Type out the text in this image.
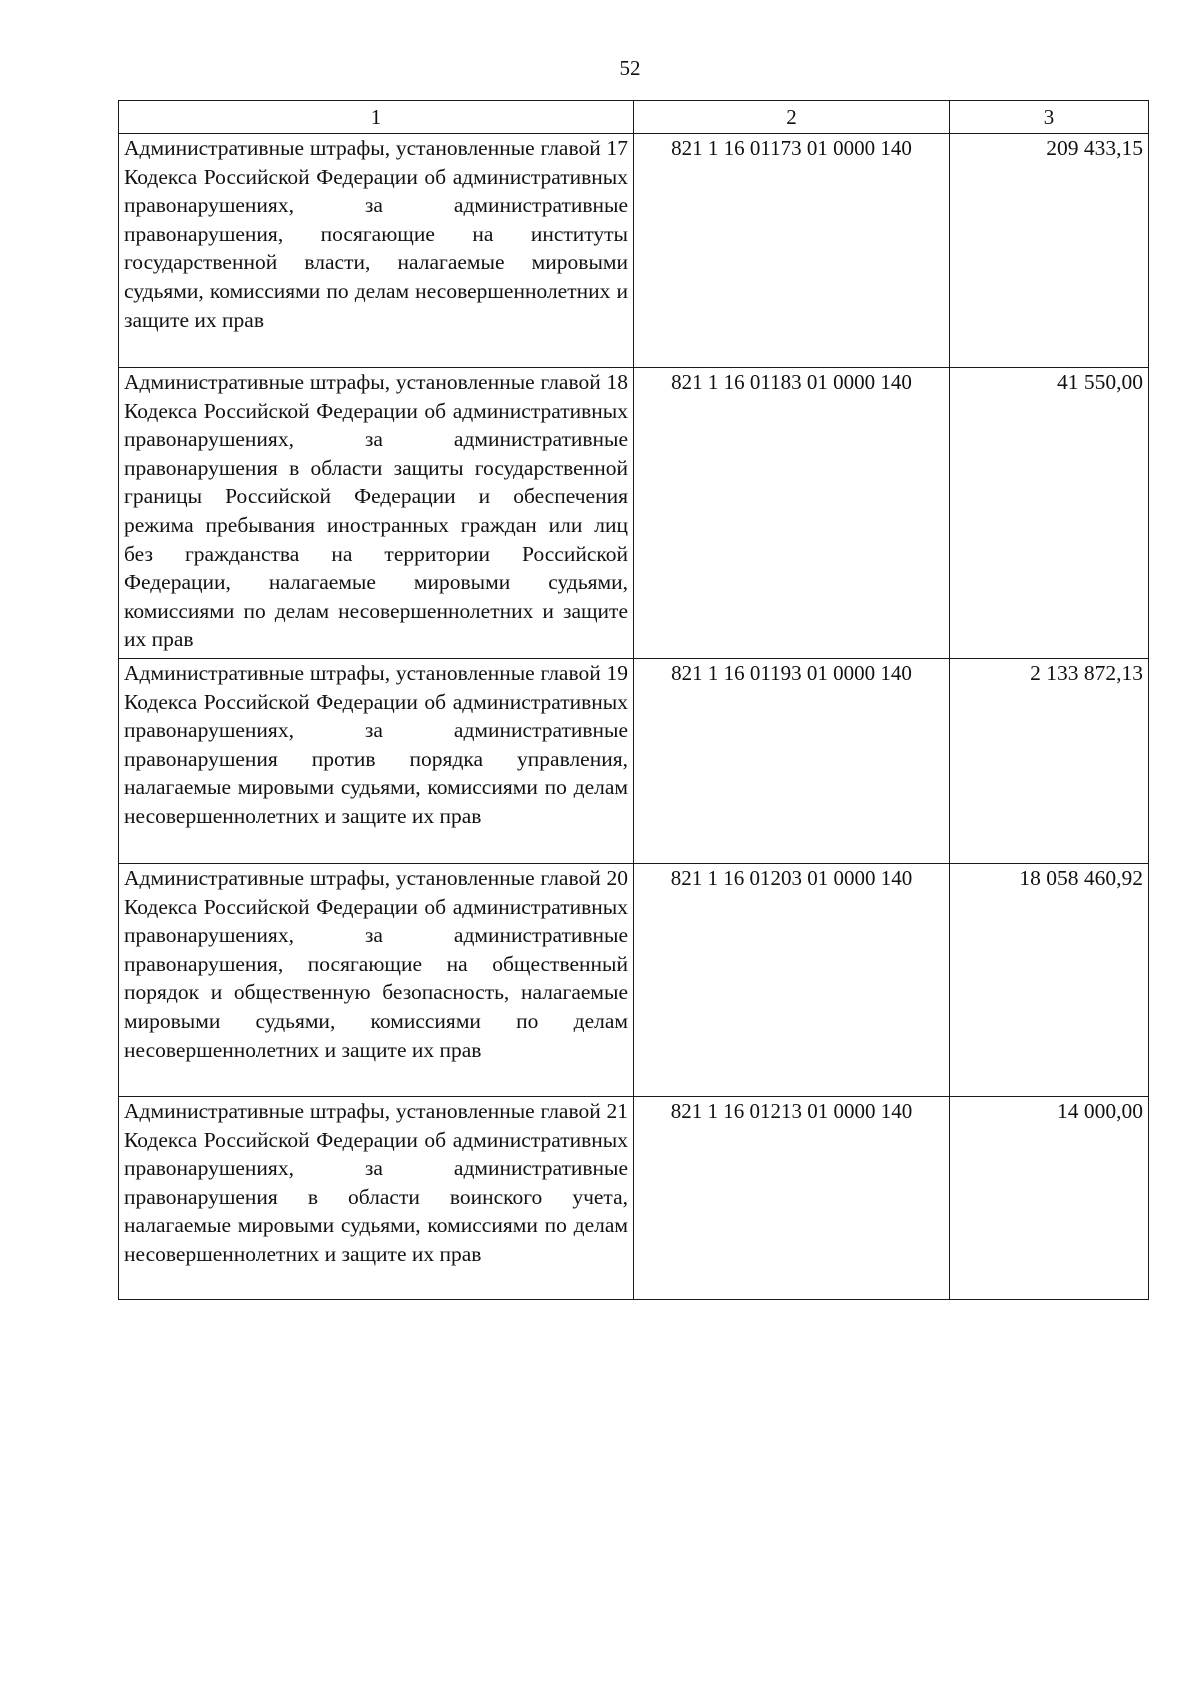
52
1	2	3
Административные штрафы, установленные главой 17 Кодекса Российской Федерации об административных правонарушениях, за административные правонарушения, посягающие на институты государственной власти, налагаемые мировыми судьями, комиссиями по делам несовершеннолетних и защите их прав	821 1 16 01173 01 0000 140	209 433,15
Административные штрафы, установленные главой 18 Кодекса Российской Федерации об административных правонарушениях, за административные правонарушения в области защиты государственной границы Российской Федерации и обеспечения режима пребывания иностранных граждан или лиц без гражданства на территории Российской Федерации, налагаемые мировыми судьями, комиссиями по делам несовершеннолетних и защите их прав	821 1 16 01183 01 0000 140	41 550,00
Административные штрафы, установленные главой 19 Кодекса Российской Федерации об административных правонарушениях, за административные правонарушения против порядка управления, налагаемые мировыми судьями, комиссиями по делам несовершеннолетних и защите их прав	821 1 16 01193 01 0000 140	2 133 872,13
Административные штрафы, установленные главой 20 Кодекса Российской Федерации об административных правонарушениях, за административные правонарушения, посягающие на общественный порядок и общественную безопасность, налагаемые мировыми судьями, комиссиями по делам несовершеннолетних и защите их прав	821 1 16 01203 01 0000 140	18 058 460,92
Административные штрафы, установленные главой 21 Кодекса Российской Федерации об административных правонарушениях, за административные правонарушения в области воинского учета, налагаемые мировыми судьями, комиссиями по делам несовершеннолетних и защите их прав	821 1 16 01213 01 0000 140	14 000,00
